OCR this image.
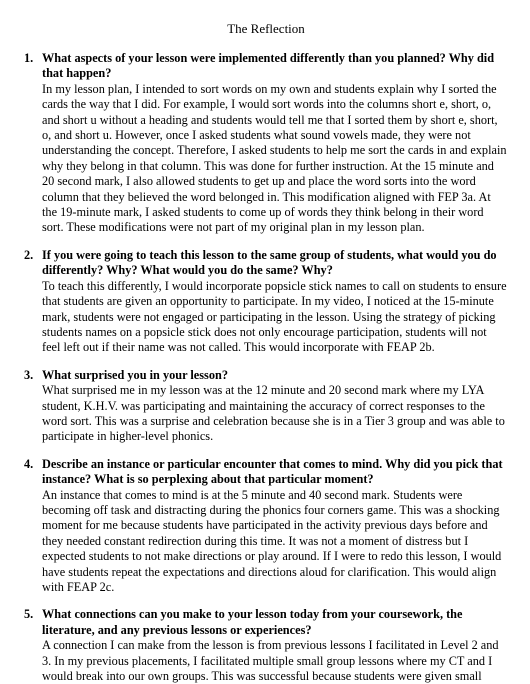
The Reflection
1. What aspects of your lesson were implemented differently than you planned? Why did that happen?

In my lesson plan, I intended to sort words on my own and students explain why I sorted the cards the way that I did. For example, I would sort words into the columns short e, short, o, and short u without a heading and students would tell me that I sorted them by short e, short, o, and short u. However, once I asked students what sound vowels made, they were not understanding the concept. Therefore, I asked students to help me sort the cards in and explain why they belong in that column. This was done for further instruction. At the 15 minute and 20 second mark, I also allowed students to get up and place the word sorts into the word column that they believed the word belonged in. This modification aligned with FEP 3a. At the 19-minute mark, I asked students to come up of words they think belong in their word sort. These modifications were not part of my original plan in my lesson plan.

2. If you were going to teach this lesson to the same group of students, what would you do differently? Why? What would you do the same? Why?

To teach this differently, I would incorporate popsicle stick names to call on students to ensure that students are given an opportunity to participate. In my video, I noticed at the 15-minute mark, students were not engaged or participating in the lesson. Using the strategy of picking students names on a popsicle stick does not only encourage participation, students will not feel left out if their name was not called. This would incorporate with FEAP 2b.

3. What surprised you in your lesson?

What surprised me in my lesson was at the 12 minute and 20 second mark where my LYA student, K.H.V. was participating and maintaining the accuracy of correct responses to the word sort. This was a surprise and celebration because she is in a Tier 3 group and was able to participate in higher-level phonics.

4. Describe an instance or particular encounter that comes to mind. Why did you pick that instance? What is so perplexing about that particular moment?

An instance that comes to mind is at the 5 minute and 40 second mark. Students were becoming off task and distracting during the phonics four corners game. This was a shocking moment for me because students have participated in the activity previous days before and they needed constant redirection during this time. It was not a moment of distress but I expected students to not make directions or play around. If I were to redo this lesson, I would have students repeat the expectations and directions aloud for clarification. This would align with FEAP 2c.

5. What connections can you make to your lesson today from your coursework, the literature, and any previous lessons or experiences?

A connection I can make from the lesson is from previous lessons I facilitated in Level 2 and 3. In my previous placements, I facilitated multiple small group lessons where my CT and I would break into our own groups. This was successful because students were given small
